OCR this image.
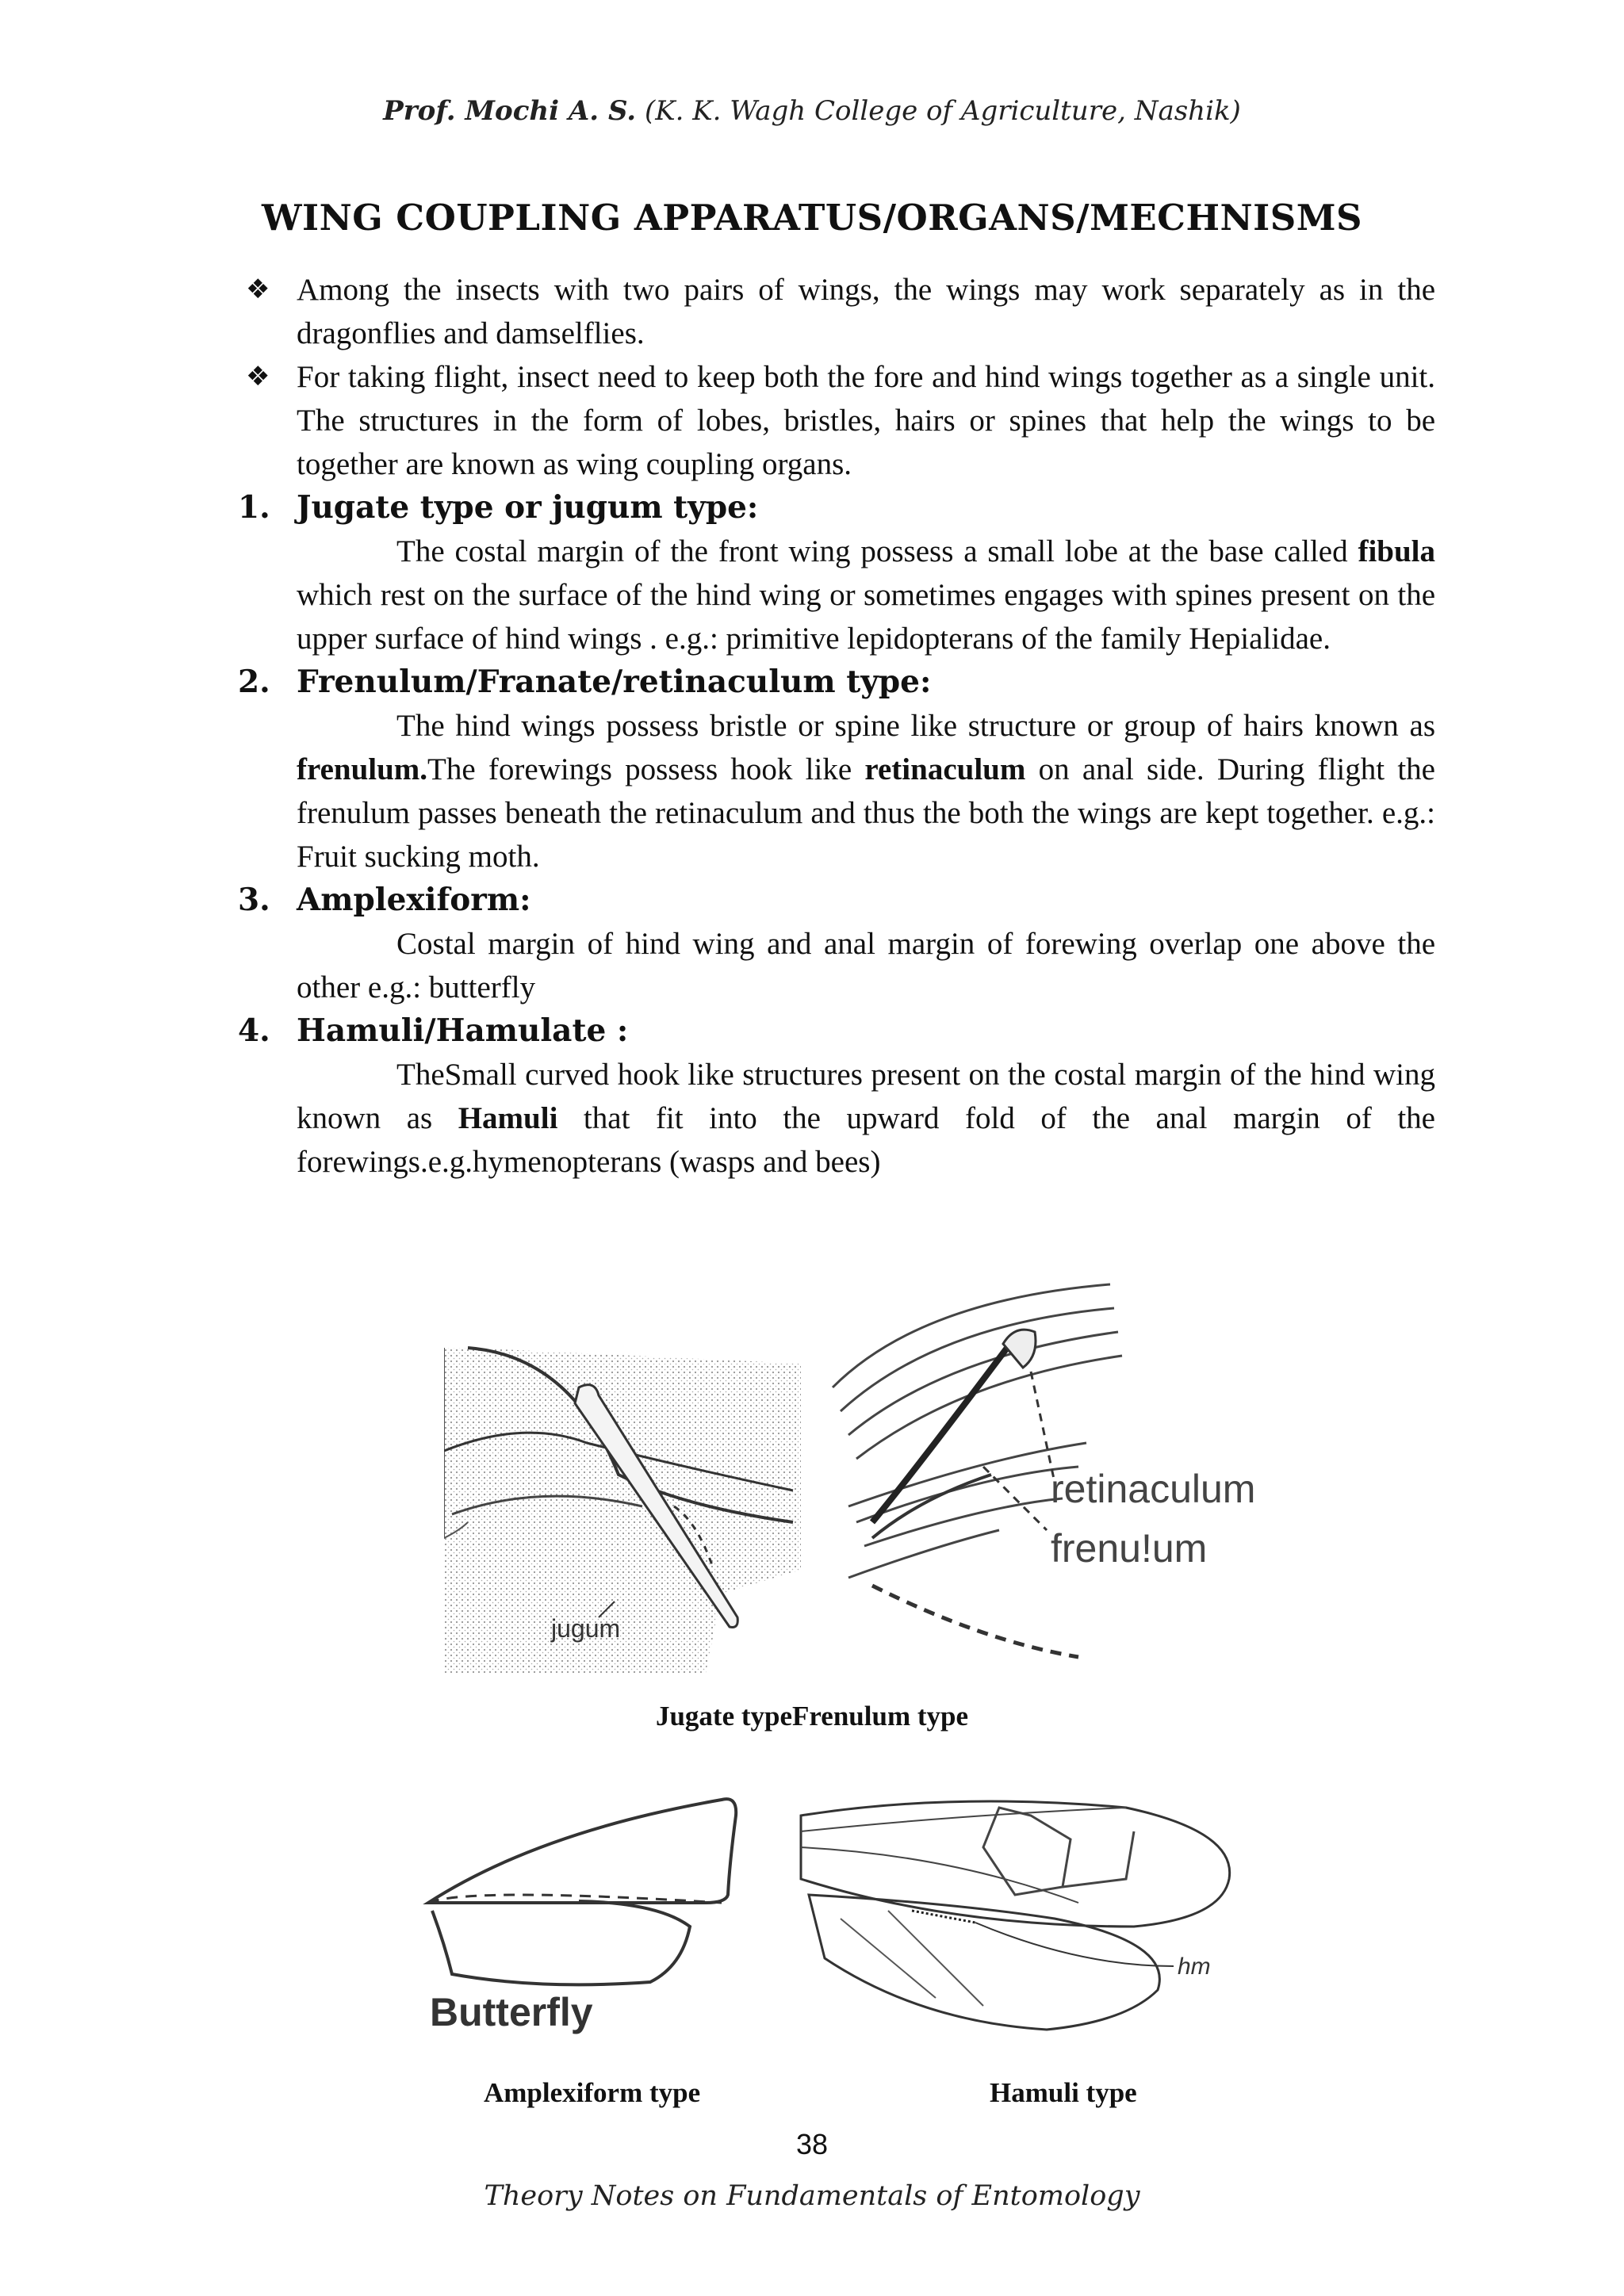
Prof. Mochi A. S. (K. K. Wagh College of Agriculture, Nashik)
WING COUPLING APPARATUS/ORGANS/MECHNISMS

❖ Among the insects with two pairs of wings, the wings may work separately as in the dragonflies and damselflies.

❖ For taking flight, insect need to keep both the fore and hind wings together as a single unit. The structures in the form of lobes, bristles, hairs or spines that help the wings to be together are known as wing coupling organs.

1. Jugate type or jugum type:

The costal margin of the front wing possess a small lobe at the base called fibula which rest on the surface of the hind wing or sometimes engages with spines present on the upper surface of hind wings . e.g.: primitive lepidopterans of the family Hepialidae.

2. Frenulum/Franate/retinaculum type:

The hind wings possess bristle or spine like structure or group of hairs known as frenulum.The forewings possess hook like retinaculum on anal side. During flight the frenulum passes beneath the retinaculum and thus the both the wings are kept together. e.g.: Fruit sucking moth.

3. Amplexiform:

Costal margin of hind wing and anal margin of forewing overlap one above the other e.g.: butterfly

4. Hamuli/Hamulate :

TheSmall curved hook like structures present on the costal margin of the hind wing known as Hamuli that fit into the upward fold of the anal margin of the forewings.e.g.hymenopterans (wasps and bees)

jugum
retinaculum
frenu!um
Jugate typeFrenulum type
Butterfly
hm
Amplexiform type	Hamuli type
38
Theory Notes on Fundamentals of Entomology
